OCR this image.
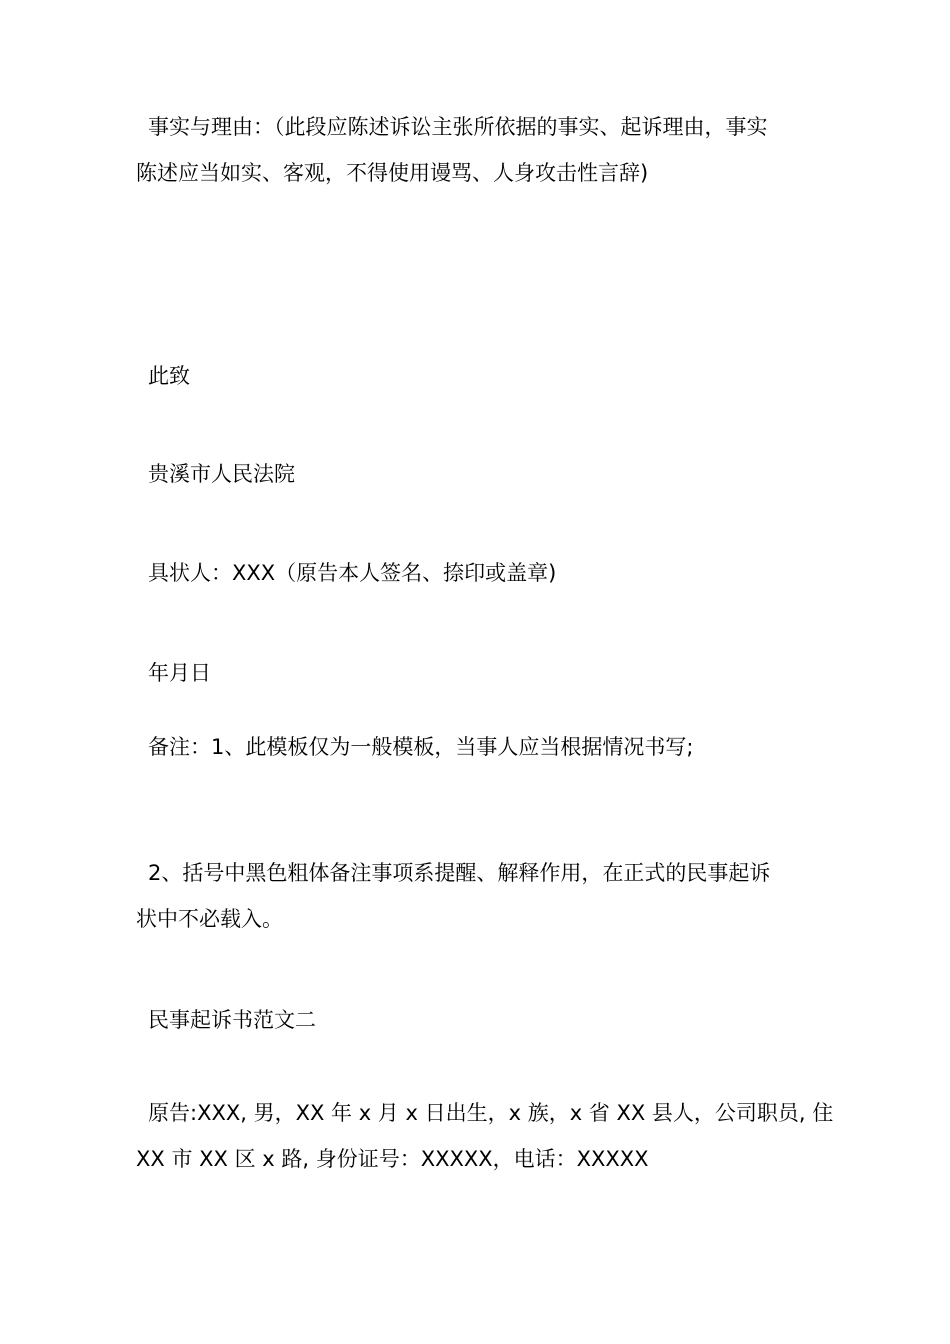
事实与理由：（此段应陈述诉讼主张所依据的事实、起诉理由，事实
陈述应当如实、客观，不得使用谩骂、人身攻击性言辞)
此致
贵溪市人民法院
具状人：XXX（原告本人签名、捺印或盖章)
年月日
备注：1、此模板仅为一般模板，当事人应当根据情况书写;
2、括号中黑色粗体备注事项系提醒、解释作用，在正式的民事起诉
状中不必载入。
民事起诉书范文二
原告:XXX, 男，XX 年 x 月 x 日出生，x 族，x 省 XX 县人，公司职员, 住
XX 市 XX 区 x 路, 身份证号：XXXXX，电话：XXXXX
